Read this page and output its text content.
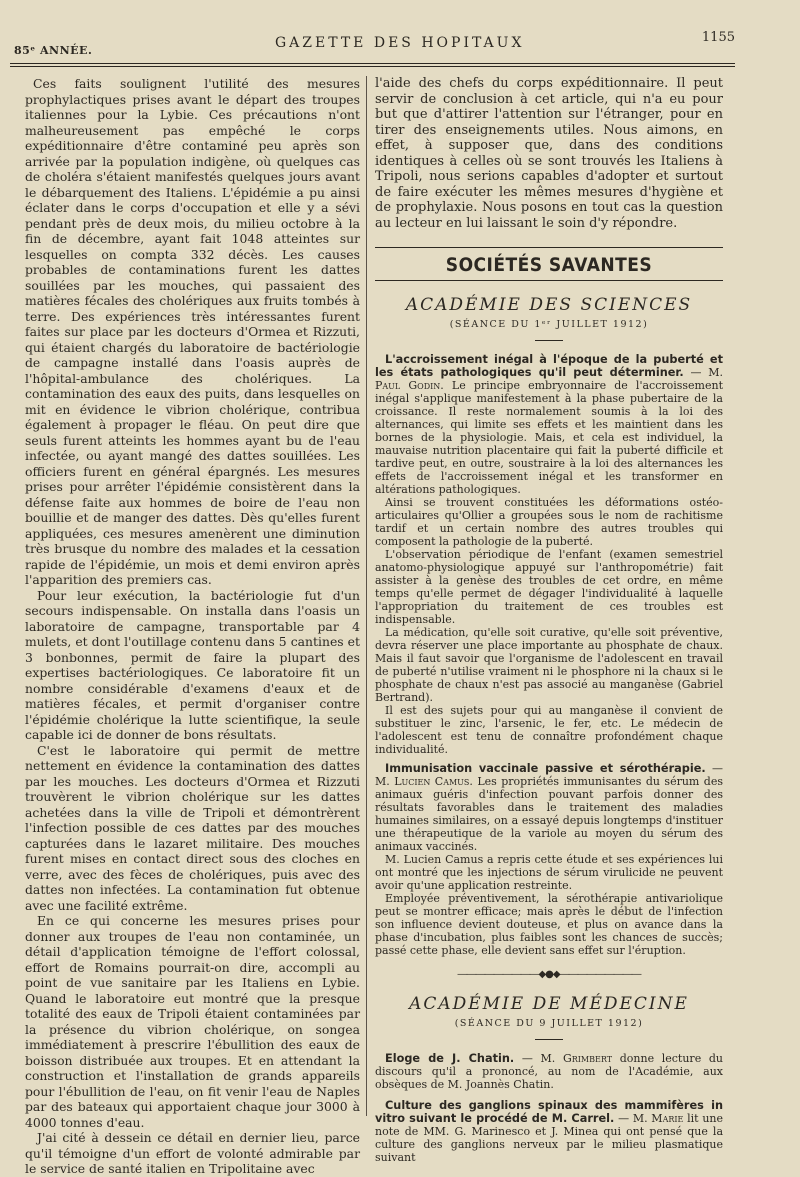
85ᵉ ANNÉE.	GAZETTE DES HOPITAUX	1155

Ces faits soulignent l'utilité des mesures prophylactiques prises avant le départ des troupes italiennes pour la Lybie. Ces précautions n'ont malheureusement pas empêché le corps expéditionnaire d'être contaminé peu après son arrivée par la population indigène, où quelques cas de choléra s'étaient manifestés quelques jours avant le débarquement des Italiens. L'épidémie a pu ainsi éclater dans le corps d'occupation et elle y a sévi pendant près de deux mois, du milieu octobre à la fin de décembre, ayant fait 1048 atteintes sur lesquelles on compta 332 décès. Les causes probables de contaminations furent les dattes souillées par les mouches, qui passaient des matières fécales des cholériques aux fruits tombés à terre. Des expériences très intéressantes furent faites sur place par les docteurs d'Ormea et Rizzuti, qui étaient chargés du laboratoire de bactériologie de campagne installé dans l'oasis auprès de l'hôpital-ambulance des cholériques. La contamination des eaux des puits, dans lesquelles on mit en évidence le vibrion cholérique, contribua également à propager le fléau. On peut dire que seuls furent atteints les hommes ayant bu de l'eau infectée, ou ayant mangé des dattes souillées. Les officiers furent en général épargnés. Les mesures prises pour arrêter l'épidémie consistèrent dans la défense faite aux hommes de boire de l'eau non bouillie et de manger des dattes. Dès qu'elles furent appliquées, ces mesures amenèrent une diminution très brusque du nombre des malades et la cessation rapide de l'épidémie, un mois et demi environ après l'apparition des premiers cas.

Pour leur exécution, la bactériologie fut d'un secours indispensable. On installa dans l'oasis un laboratoire de campagne, transportable par 4 mulets, et dont l'outillage contenu dans 5 cantines et 3 bonbonnes, permit de faire la plupart des expertises bactériologiques. Ce laboratoire fit un nombre considérable d'examens d'eaux et de matières fécales, et permit d'organiser contre l'épidémie cholérique la lutte scientifique, la seule capable ici de donner de bons résultats.

C'est le laboratoire qui permit de mettre nettement en évidence la contamination des dattes par les mouches. Les docteurs d'Ormea et Rizzuti trouvèrent le vibrion cholérique sur les dattes achetées dans la ville de Tripoli et démontrèrent l'infection possible de ces dattes par des mouches capturées dans le lazaret militaire. Des mouches furent mises en contact direct sous des cloches en verre, avec des fèces de cholériques, puis avec des dattes non infectées. La contamination fut obtenue avec une facilité extrême.

En ce qui concerne les mesures prises pour donner aux troupes de l'eau non contaminée, un détail d'application témoigne de l'effort colossal, effort de Romains pourrait-on dire, accompli au point de vue sanitaire par les Italiens en Lybie. Quand le laboratoire eut montré que la presque totalité des eaux de Tripoli étaient contaminées par la présence du vibrion cholérique, on songea immédiatement à prescrire l'ébullition des eaux de boisson distribuée aux troupes. Et en attendant la construction et l'installation de grands appareils pour l'ébullition de l'eau, on fit venir l'eau de Naples par des bateaux qui apportaient chaque jour 3000 à 4000 tonnes d'eau.

J'ai cité à dessein ce détail en dernier lieu, parce qu'il témoigne d'un effort de volonté admirable par le service de santé italien en Tripolitaine avec

l'aide des chefs du corps expéditionnaire. Il peut servir de conclusion à cet article, qui n'a eu pour but que d'attirer l'attention sur l'étranger, pour en tirer des enseignements utiles. Nous aimons, en effet, à supposer que, dans des conditions identiques à celles où se sont trouvés les Italiens à Tripoli, nous serions capables d'adopter et surtout de faire exécuter les mêmes mesures d'hygiène et de prophylaxie. Nous posons en tout cas la question au lecteur en lui laissant le soin d'y répondre.

SOCIÉTÉS SAVANTES
ACADÉMIE DES SCIENCES
(SÉANCE DU 1ᵉʳ JUILLET 1912)

L'accroissement inégal à l'époque de la puberté et les états pathologiques qu'il peut déterminer. — M. Paul Godin. Le principe embryonnaire de l'accroissement inégal s'applique manifestement à la phase pubertaire de la croissance. Il reste normalement soumis à la loi des alternances, qui limite ses effets et les maintient dans les bornes de la physiologie. Mais, et cela est individuel, la mauvaise nutrition placentaire qui fait la puberté difficile et tardive peut, en outre, soustraire à la loi des alternances les effets de l'accroissement inégal et les transformer en altérations pathologiques.

Ainsi se trouvent constituées les déformations ostéo-articulaires qu'Ollier a groupées sous le nom de rachitisme tardif et un certain nombre des autres troubles qui composent la pathologie de la puberté.

L'observation périodique de l'enfant (examen semestriel anatomo-physiologique appuyé sur l'anthropométrie) fait assister à la genèse des troubles de cet ordre, en même temps qu'elle permet de dégager l'individualité à laquelle l'appropriation du traitement de ces troubles est indispensable.

La médication, qu'elle soit curative, qu'elle soit préventive, devra réserver une place importante au phosphate de chaux. Mais il faut savoir que l'organisme de l'adolescent en travail de puberté n'utilise vraiment ni le phosphore ni la chaux si le phosphate de chaux n'est pas associé au manganèse (Gabriel Bertrand).

Il est des sujets pour qui au manganèse il convient de substituer le zinc, l'arsenic, le fer, etc. Le médecin de l'adolescent est tenu de connaître profondément chaque individualité.

Immunisation vaccinale passive et sérothérapie. — M. Lucien Camus. Les propriétés immunisantes du sérum des animaux guéris d'infection pouvant parfois donner des résultats favorables dans le traitement des maladies humaines similaires, on a essayé depuis longtemps d'instituer une thérapeutique de la variole au moyen du sérum des animaux vaccinés.

M. Lucien Camus a repris cette étude et ses expériences lui ont montré que les injections de sérum virulicide ne peuvent avoir qu'une application restreinte.

Employée préventivement, la sérothérapie antivariolique peut se montrer efficace; mais après le début de l'infection son influence devient douteuse, et plus on avance dans la phase d'incubation, plus faibles sont les chances de succès; passé cette phase, elle devient sans effet sur l'éruption.

―――――――――◆●◆―――――――――
ACADÉMIE DE MÉDECINE
(SÉANCE DU 9 JUILLET 1912)

Eloge de J. Chatin. — M. Grimbert donne lecture du discours qu'il a prononcé, au nom de l'Académie, aux obsèques de M. Joannès Chatin.

Culture des ganglions spinaux des mammifères in vitro suivant le procédé de M. Carrel. — M. Marie lit une note de MM. G. Marinesco et J. Minea qui ont pensé que la culture des ganglions nerveux par le milieu plasmatique suivant
